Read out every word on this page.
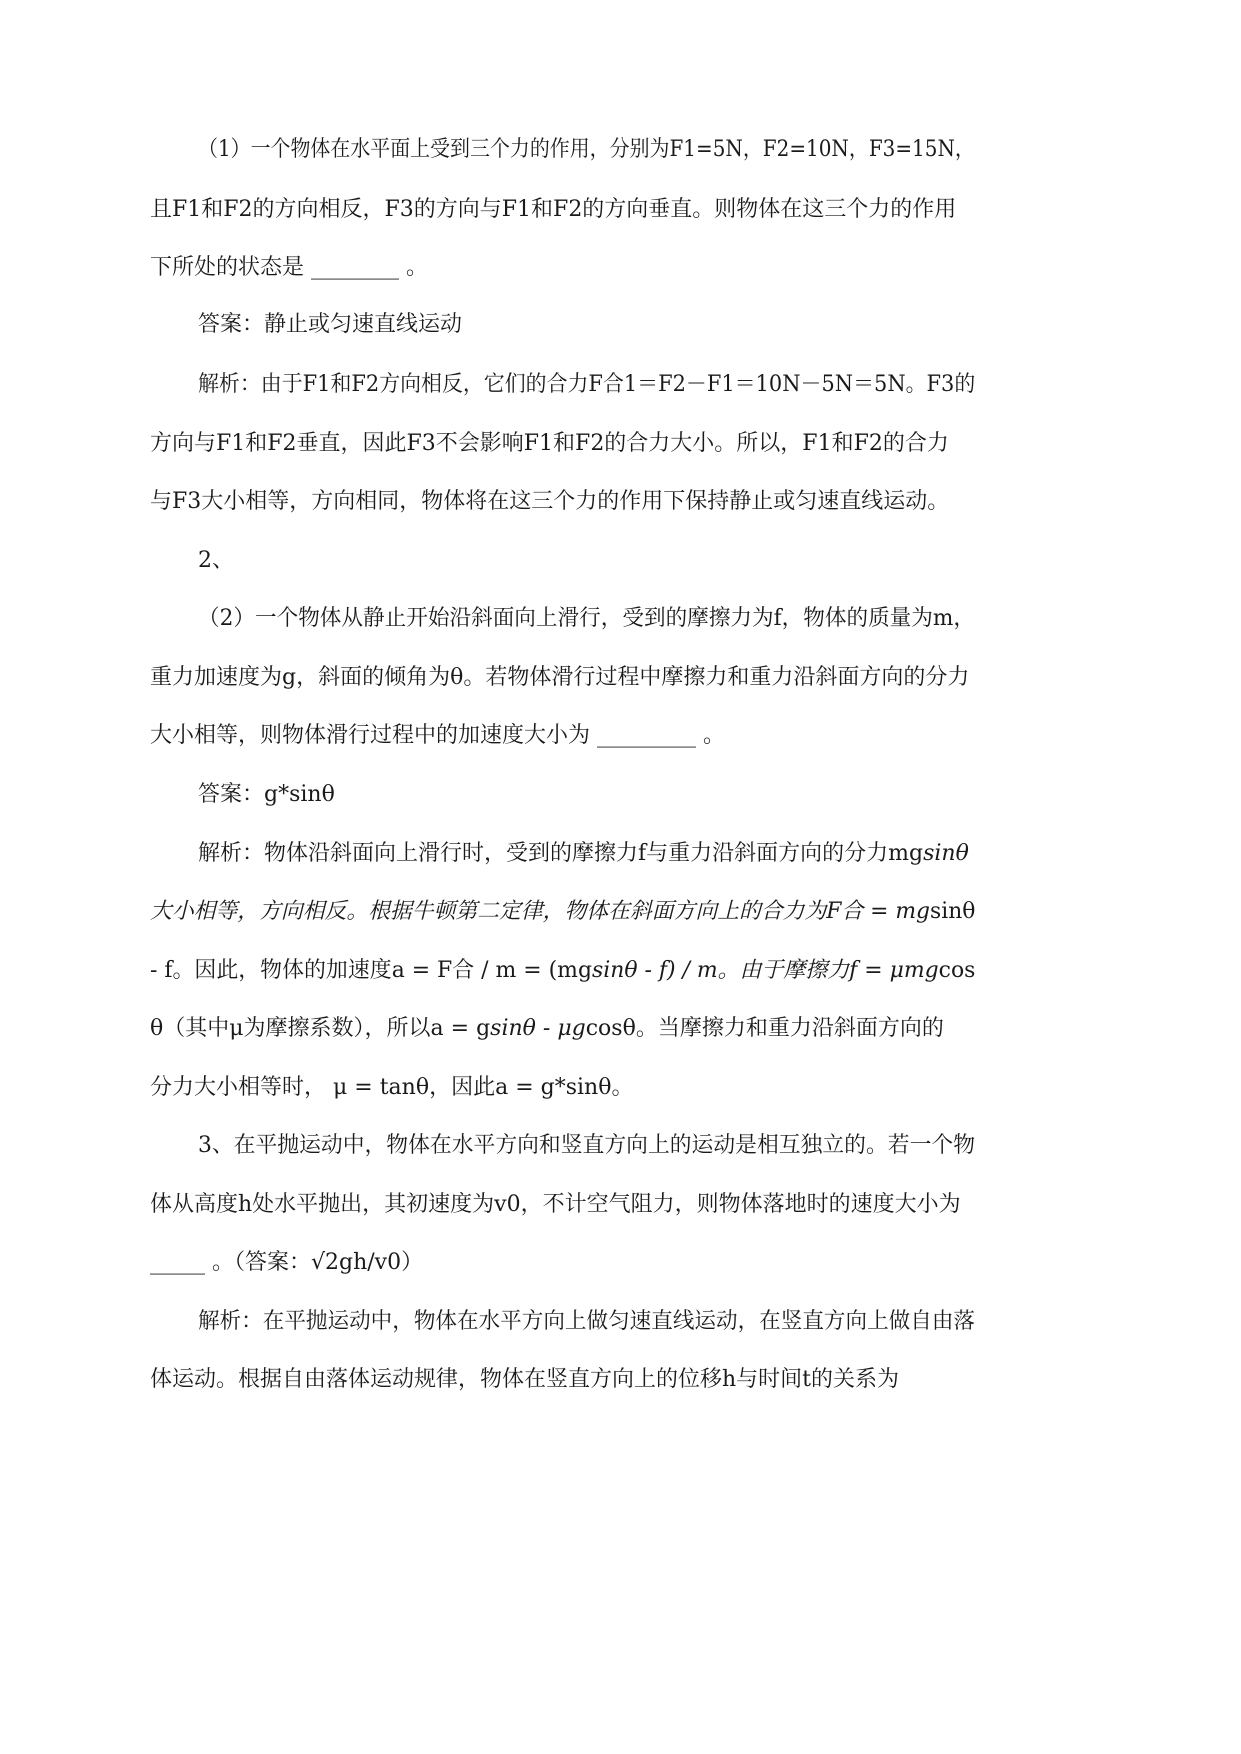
（1）一个物体在水平面上受到三个力的作用，分别为F1=5N，F2=10N，F3=15N，
且F1和F2的方向相反，F3的方向与F1和F2的方向垂直。则物体在这三个力的作用
下所处的状态是 ________ 。
答案：静止或匀速直线运动
解析：由于F1和F2方向相反，它们的合力F合1＝F2－F1＝10N－5N＝5N。F3的
方向与F1和F2垂直，因此F3不会影响F1和F2的合力大小。所以，F1和F2的合力
与F3大小相等，方向相同，物体将在这三个力的作用下保持静止或匀速直线运动。
2、
（2）一个物体从静止开始沿斜面向上滑行，受到的摩擦力为f，物体的质量为m，
重力加速度为g，斜面的倾角为θ。若物体滑行过程中摩擦力和重力沿斜面方向的分力
大小相等，则物体滑行过程中的加速度大小为 _________ 。
答案：g*sinθ
解析：物体沿斜面向上滑行时，受到的摩擦力f与重力沿斜面方向的分力mgsinθ
大小相等，方向相反。根据牛顿第二定律，物体在斜面方向上的合力为F合 = mgsinθ
- f。因此，物体的加速度a = F合 / m = (mgsinθ - f) / m。由于摩擦力f = μmgcos
θ（其中μ为摩擦系数），所以a = gsinθ - μgcosθ。当摩擦力和重力沿斜面方向的
分力大小相等时， μ = tanθ，因此a = g*sinθ。
3、在平抛运动中，物体在水平方向和竖直方向上的运动是相互独立的。若一个物
体从高度h处水平抛出，其初速度为v0，不计空气阻力，则物体落地时的速度大小为
_____ 。（答案：√2gh/v0）
解析：在平抛运动中，物体在水平方向上做匀速直线运动，在竖直方向上做自由落
体运动。根据自由落体运动规律，物体在竖直方向上的位移h与时间t的关系为
